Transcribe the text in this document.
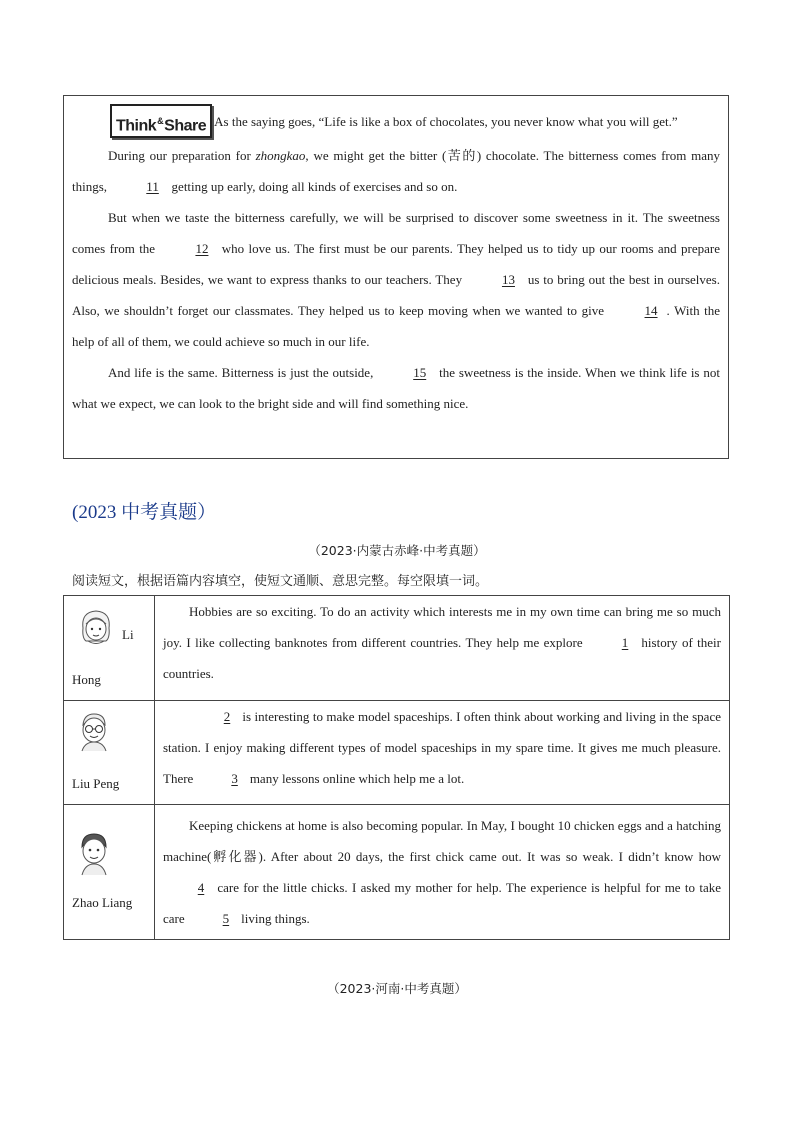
Think&Share As the saying goes, “Life is like a box of chocolates, you never know what you will get.”

During our preparation for zhongkao, we might get the bitter (苦的) chocolate. The bitterness comes from many things,	11 getting up early, doing all kinds of exercises and so on.

But when we taste the bitterness carefully, we will be surprised to discover some sweetness in it. The sweetness comes from the	12 who love us. The first must be our parents. They helped us to tidy up our rooms and prepare delicious meals. Besides, we want to express thanks to our teachers. They	13 us to bring out the best in ourselves. Also, we shouldn’t forget our classmates. They helped us to keep moving when we wanted to give	14 . With the help of all of them, we could achieve so much in our life.

And life is the same. Bitterness is just the outside,	15 the sweetness is the inside. When we think life is not what we expect, we can look to the bright side and will find something nice.

(2023 中考真题）
（2023·内蒙古赤峰·中考真题）
阅读短文，根据语篇内容填空，使短文通顺、意思完整。每空限填一词。
Li
Hong	Hobbies are so exciting. To do an activity which interests me in my own time can bring me so much joy. I like collecting banknotes from different countries. They help me explore 1 history of their countries.

Liu Peng	2 is interesting to make model spaceships. I often think about working and living in the space station. I enjoy making different types of model spaceships in my spare time. It gives me much pleasure. There 3 many lessons online which help me a lot.

Zhao Liang	Keeping chickens at home is also becoming popular. In May, I bought 10 chicken eggs and a hatching machine(孵化器). After about 20 days, the first chick came out. It was so weak. I didn’t know how 4 care for the little chicks. I asked my mother for help. The experience is helpful for me to take care 5 living things.

（2023·河南·中考真题）
